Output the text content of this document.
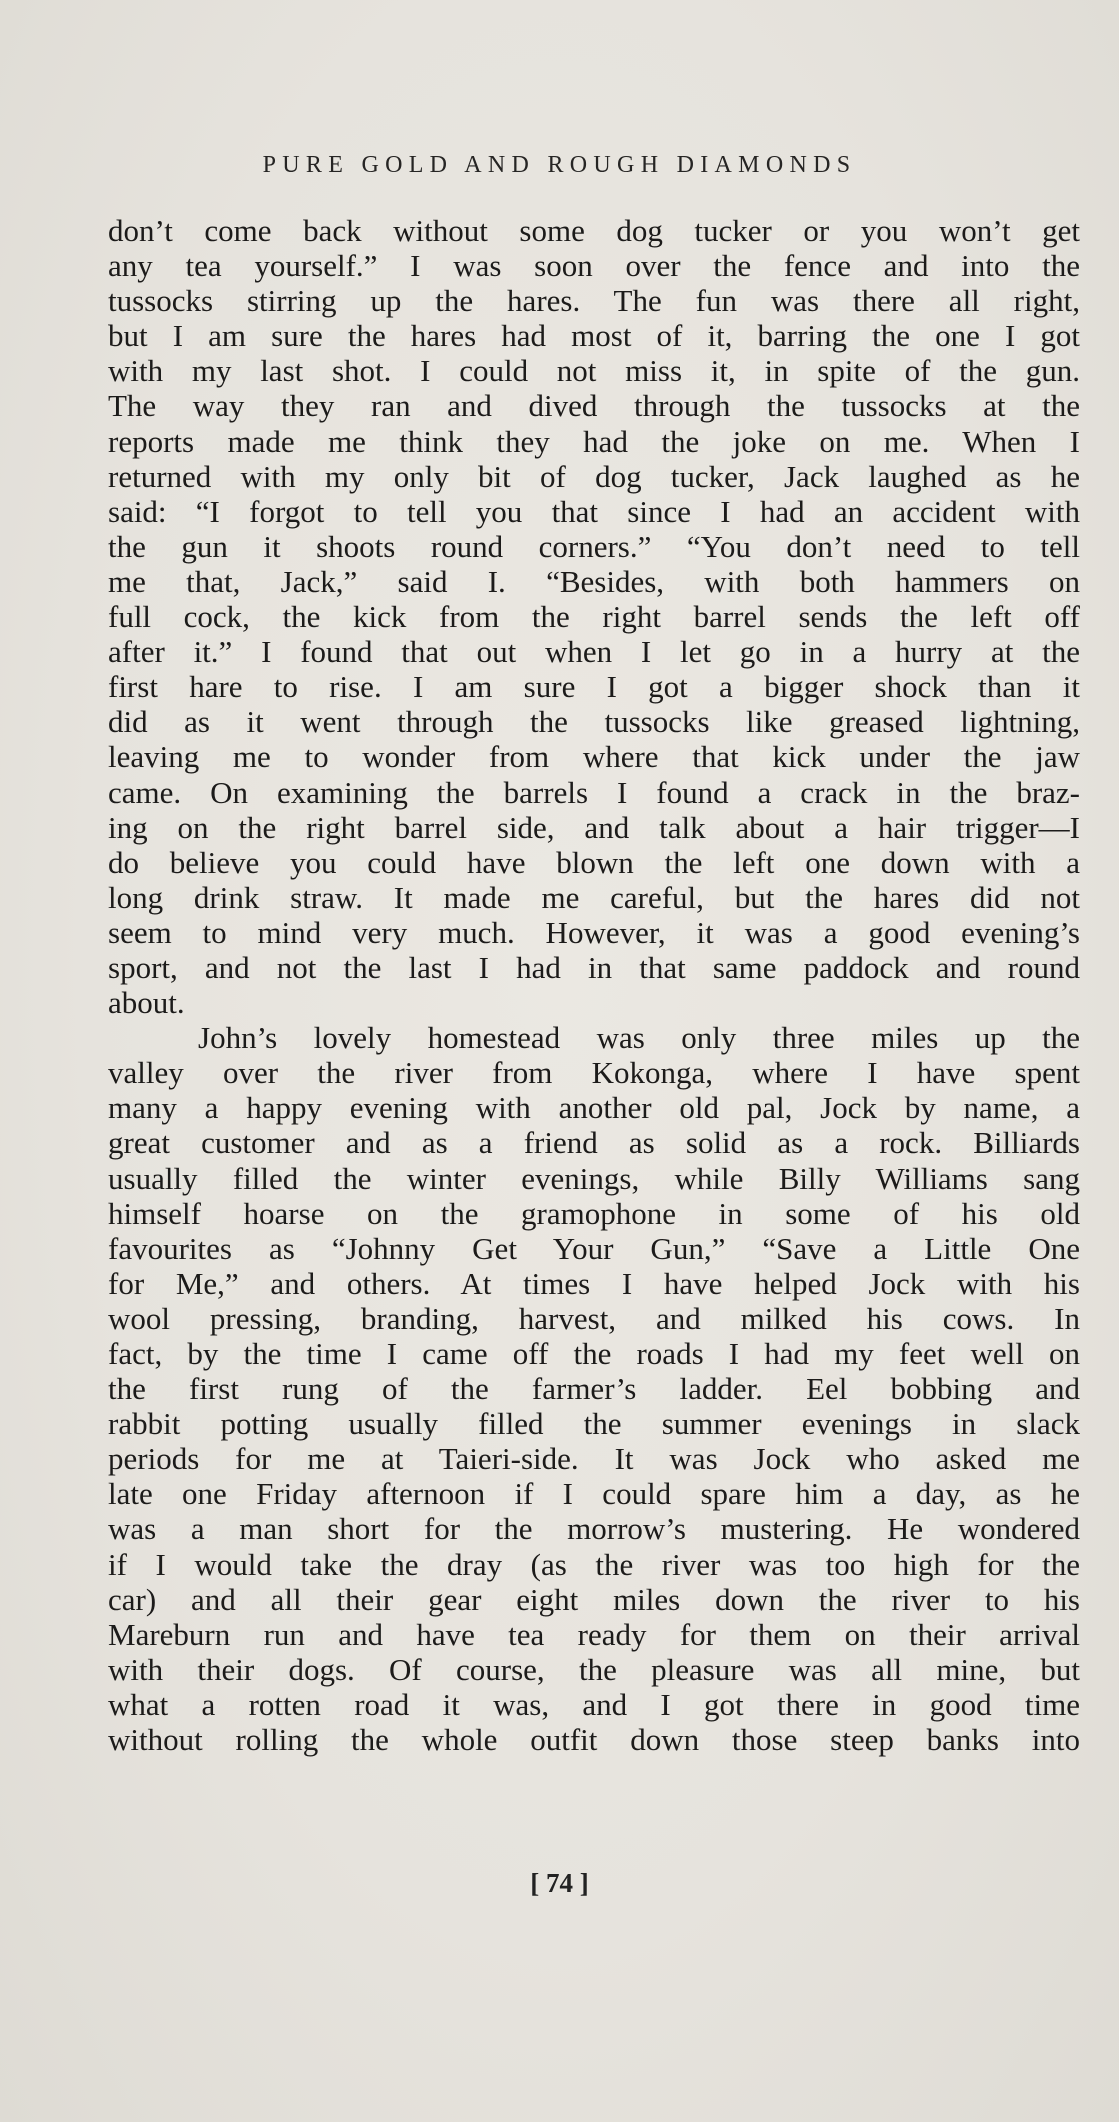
PURE GOLD AND ROUGH DIAMONDS
don’t come back without some dog tucker or you won’t get
any tea yourself.” I was soon over the fence and into the
tussocks stirring up the hares. The fun was there all right,
but I am sure the hares had most of it, barring the one I got
with my last shot. I could not miss it, in spite of the gun.
The way they ran and dived through the tussocks at the
reports made me think they had the joke on me. When I
returned with my only bit of dog tucker, Jack laughed as he
said: “I forgot to tell you that since I had an accident with
the gun it shoots round corners.” “You don’t need to tell
me that, Jack,” said I. “Besides, with both hammers on
full cock, the kick from the right barrel sends the left off
after it.” I found that out when I let go in a hurry at the
first hare to rise. I am sure I got a bigger shock than it
did as it went through the tussocks like greased lightning,
leaving me to wonder from where that kick under the jaw
came. On examining the barrels I found a crack in the braz-
ing on the right barrel side, and talk about a hair trigger—I
do believe you could have blown the left one down with a
long drink straw. It made me careful, but the hares did not
seem to mind very much. However, it was a good evening’s
sport, and not the last I had in that same paddock and round
about.
John’s lovely homestead was only three miles up the
valley over the river from Kokonga, where I have spent
many a happy evening with another old pal, Jock by name, a
great customer and as a friend as solid as a rock. Billiards
usually filled the winter evenings, while Billy Williams sang
himself hoarse on the gramophone in some of his old
favourites as “Johnny Get Your Gun,” “Save a Little One
for Me,” and others. At times I have helped Jock with his
wool pressing, branding, harvest, and milked his cows. In
fact, by the time I came off the roads I had my feet well on
the first rung of the farmer’s ladder. Eel bobbing and
rabbit potting usually filled the summer evenings in slack
periods for me at Taieri-side. It was Jock who asked me
late one Friday afternoon if I could spare him a day, as he
was a man short for the morrow’s mustering. He wondered
if I would take the dray (as the river was too high for the
car) and all their gear eight miles down the river to his
Mareburn run and have tea ready for them on their arrival
with their dogs. Of course, the pleasure was all mine, but
what a rotten road it was, and I got there in good time
without rolling the whole outfit down those steep banks into
[ 74 ]
